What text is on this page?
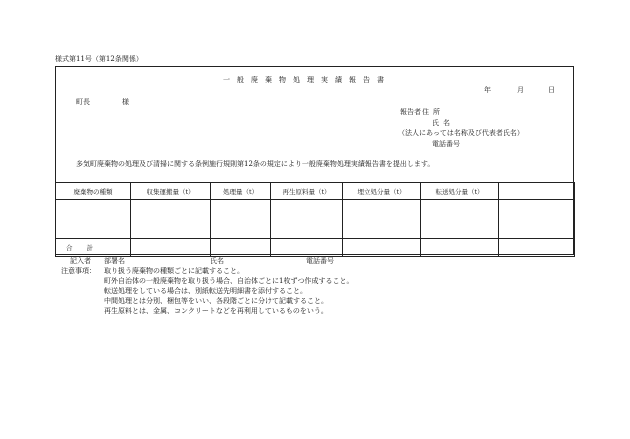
様式第11号（第12条関係）
一般廃棄物処理実績報告書
年	月	日
町長	様
報告者 住所
氏名
（法人にあっては名称及び代表者氏名）
電話番号
多気町廃棄物の処理及び清掃に関する条例施行規則第12条の規定により一般廃棄物処理実績報告書を提出します。
廃棄物の種類	収集運搬量（t）	処理量（t）	再生原料量（t）	埋立処分量（t）	転送処分量（t）	

合計						
記入者 部署名	氏名	電話番号
注意事項： 取り扱う廃棄物の種類ごとに記載すること。
町外自治体の一般廃棄物を取り扱う場合、自治体ごとに1枚ずつ作成すること。
転送処理をしている場合は、別紙転送先明細書を添付すること。
中間処理とは分別、梱包等をいい、各段階ごとに分けて記載すること。
再生原料とは、金属、コンクリートなどを再利用しているものをいう。
